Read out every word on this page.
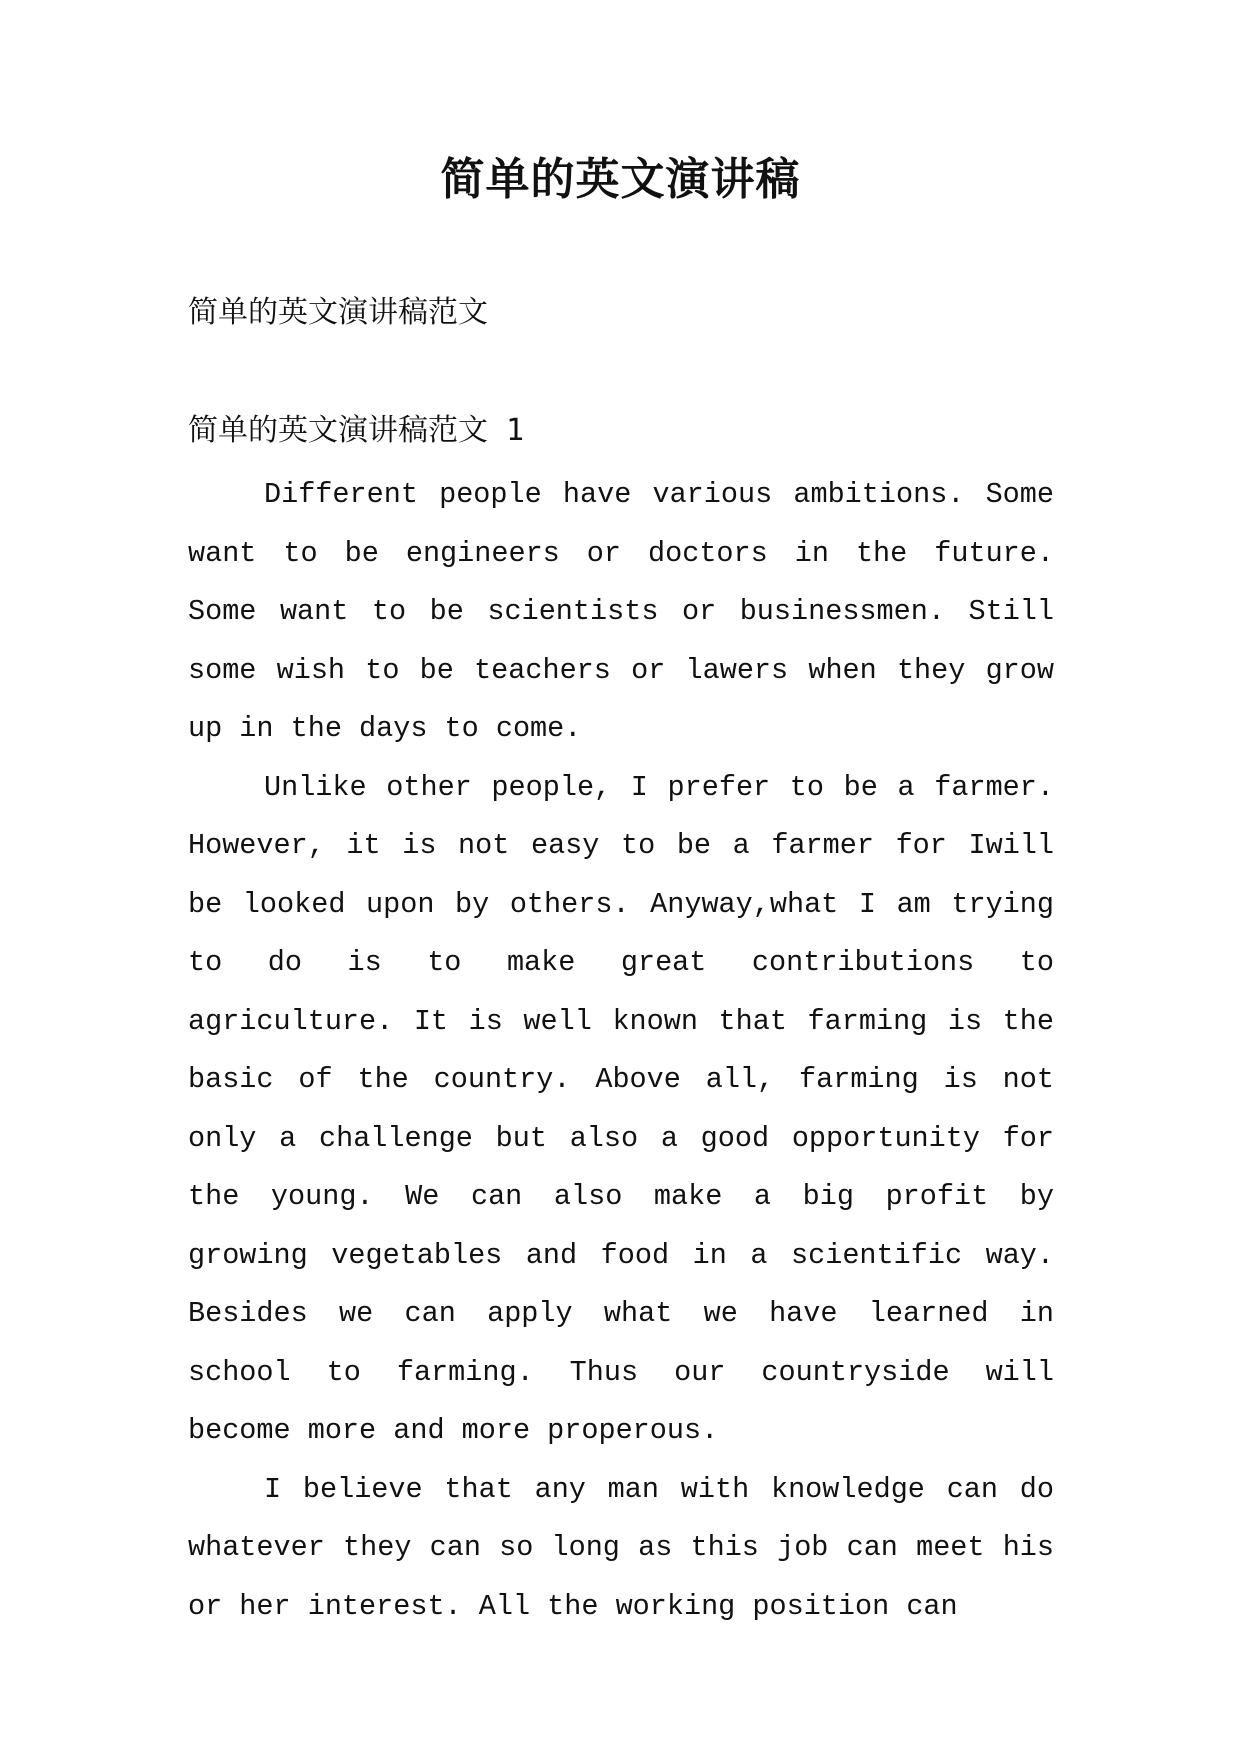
简单的英文演讲稿
简单的英文演讲稿范文
简单的英文演讲稿范文 1

Different people have various ambitions. Some want to be engineers or doctors in the future. Some want to be scientists or businessmen. Still some wish to be teachers or lawers when they grow up in the days to come.

Unlike other people, I prefer to be a farmer. However, it is not easy to be a farmer for Iwill be looked upon by others. Anyway,what I am trying to do is to make great contributions to agriculture. It is well known that farming is the basic of the country. Above all, farming is not only a challenge but also a good opportunity for the young. We can also make a big profit by growing vegetables and food in a scientific way. Besides we can apply what we have learned in school to farming. Thus our countryside will become more and more properous.

I believe that any man with knowledge can do whatever they can so long as this job can meet his or her interest. All the working position can
